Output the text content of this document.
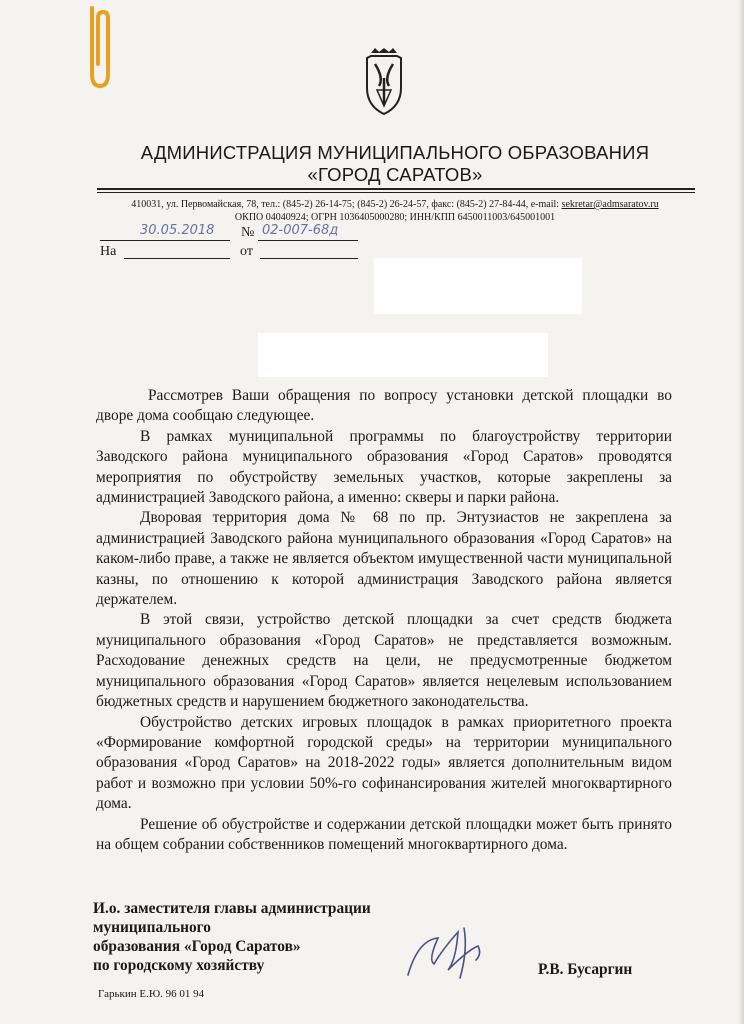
АДМИНИСТРАЦИЯ МУНИЦИПАЛЬНОГО ОБРАЗОВАНИЯ
«ГОРОД САРАТОВ»
410031, ул. Первомайская, 78, тел.: (845-2) 26-14-75; (845-2) 26-24-57, факс: (845-2) 27-84-44, e-mail: sekretar@admsaratov.ru
ОКПО 04040924; ОГРН 1036405000280; ИНН/КПП 6450011003/645001001
30.05.2018 № 02-007-68д
На	от

Рассмотрев Ваши обращения по вопросу установки детской площадки во дворе дома сообщаю следующее.

В рамках муниципальной программы по благоустройству территории Заводского района муниципального образования «Город Саратов» проводятся мероприятия по обустройству земельных участков, которые закреплены за администрацией Заводского района, а именно: скверы и парки района.

Дворовая территория дома № 68 по пр. Энтузиастов не закреплена за администрацией Заводского района муниципального образования «Город Саратов» на каком-либо праве, а также не является объектом имущественной части муниципальной казны, по отношению к которой администрация Заводского района является держателем.

В этой связи, устройство детской площадки за счет средств бюджета муниципального образования «Город Саратов» не представляется возможным. Расходование денежных средств на цели, не предусмотренные бюджетом муниципального образования «Город Саратов» является нецелевым использованием бюджетных средств и нарушением бюджетного законодательства.

Обустройство детских игровых площадок в рамках приоритетного проекта «Формирование комфортной городской среды» на территории муниципального образования «Город Саратов» на 2018-2022 годы» является дополнительным видом работ и возможно при условии 50%-го софинансирования жителей многоквартирного дома.

Решение об обустройстве и содержании детской площадки может быть принято на общем собрании собственников помещений многоквартирного дома.

И.о. заместителя главы администрации
муниципального
образования «Город Саратов»
по городскому хозяйству	Р.В. Бусаргин
Гарькин Е.Ю. 96 01 94
